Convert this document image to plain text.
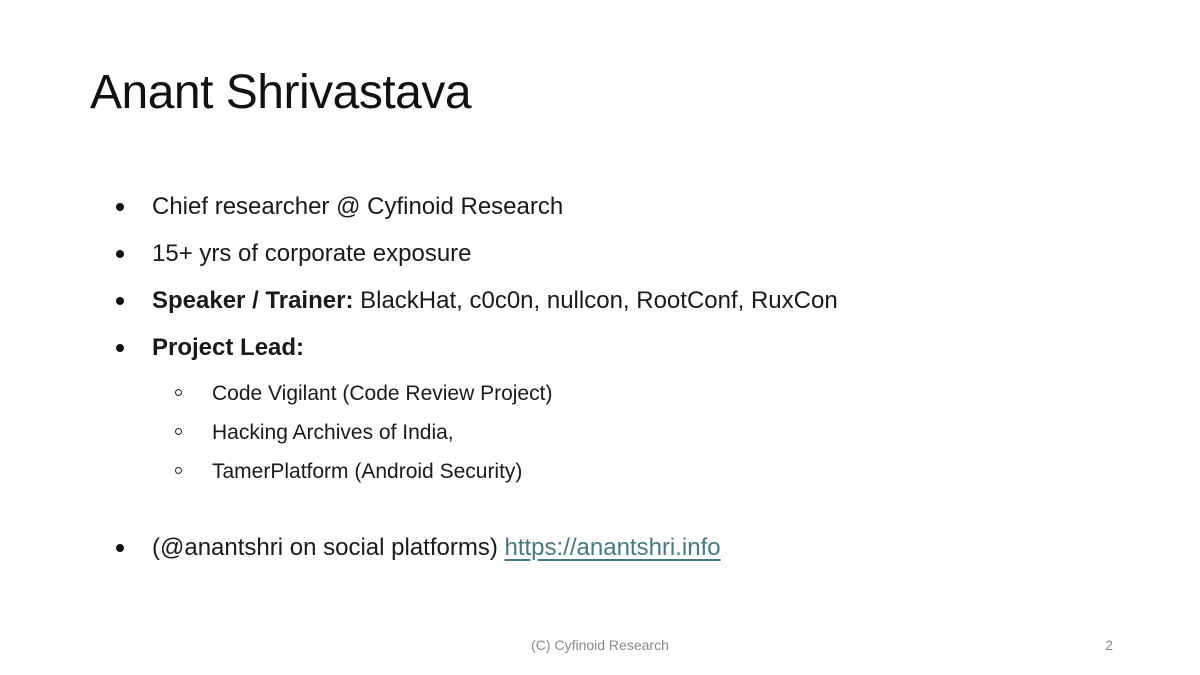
Anant Shrivastava
Chief researcher @ Cyfinoid Research
15+ yrs of corporate exposure
Speaker / Trainer: BlackHat, c0c0n, nullcon, RootConf, RuxCon
Project Lead:
Code Vigilant (Code Review Project)
Hacking Archives of India,
TamerPlatform (Android Security)
(@anantshri on social platforms) https://anantshri.info
(C) Cyfinoid Research	2
